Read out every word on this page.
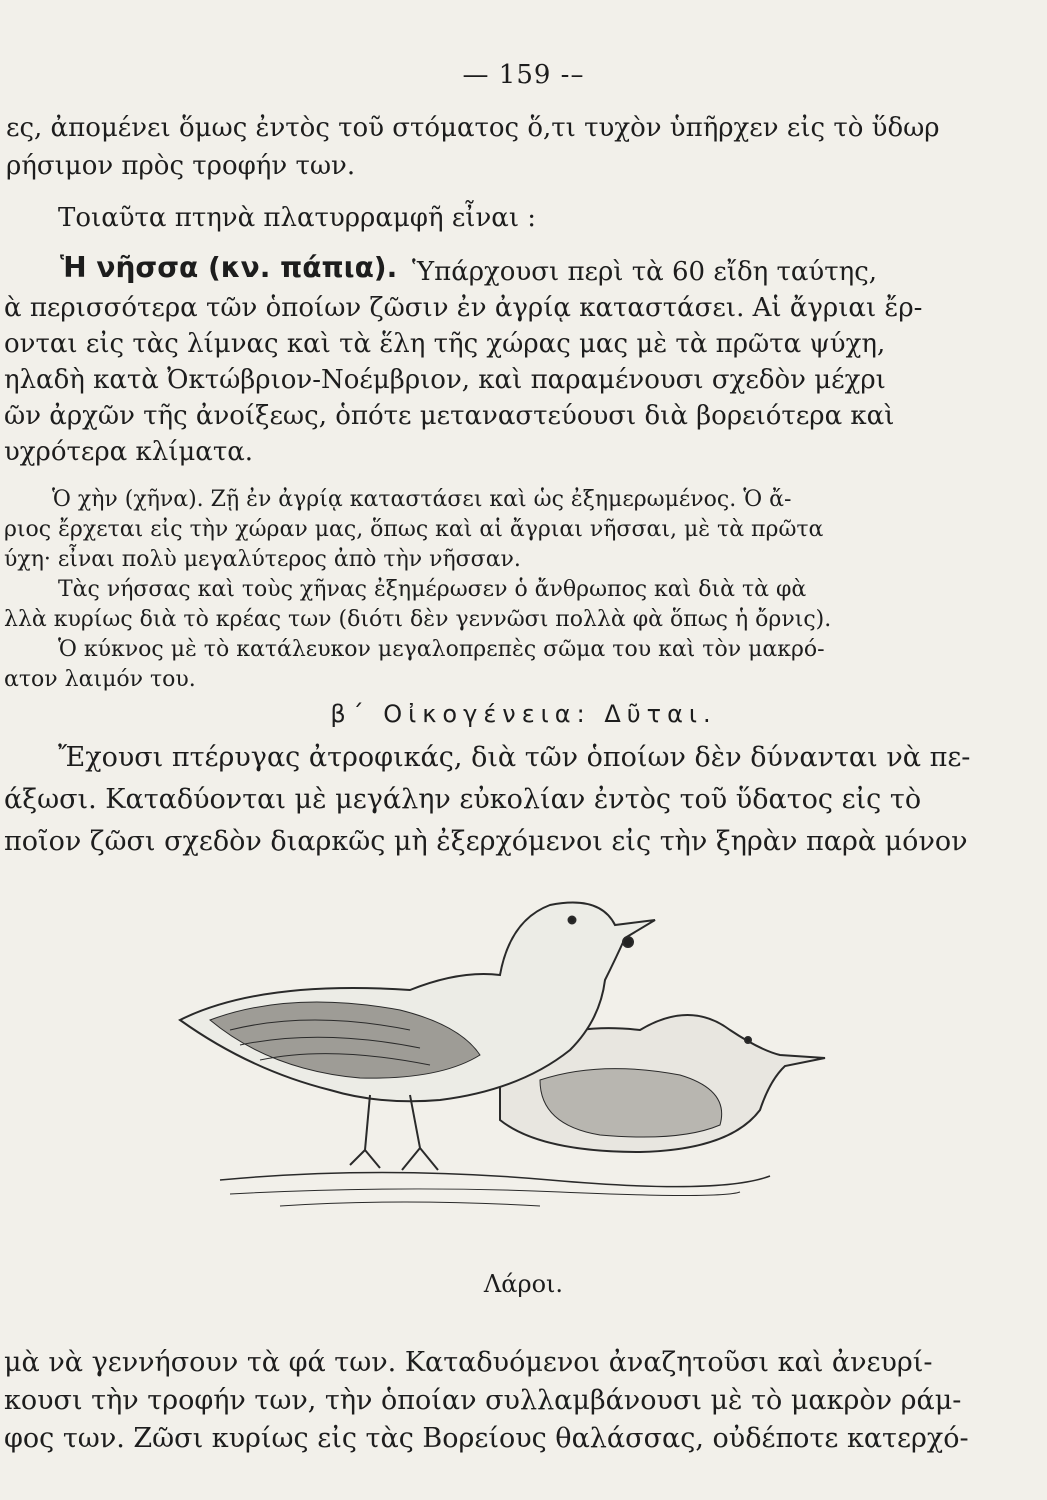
— 159 -–
ες, ἀπομένει ὅμως ἐντὸς τοῦ στόματος ὅ,τι τυχὸν ὑπῆρχεν εἰς τὸ ὕδωρ
ρήσιμον πρὸς τροφήν των.
Τοιαῦτα πτηνὰ πλατυρραμφῆ εἶναι :
Ἡ νῆσσα (κν. πάπια). Ὑπάρχουσι περὶ τὰ 60 εἴδη ταύτης,
ὰ περισσότερα τῶν ὁποίων ζῶσιν ἐν ἀγρίᾳ καταστάσει. Αἱ ἄγριαι ἔρ-
ονται εἰς τὰς λίμνας καὶ τὰ ἕλη τῆς χώρας μας μὲ τὰ πρῶτα ψύχη,
ηλαδὴ κατὰ Ὀκτώβριον-Νοέμβριον, καὶ παραμένουσι σχεδὸν μέχρι
ῶν ἀρχῶν τῆς ἀνοίξεως, ὁπότε μεταναστεύουσι διὰ βορειότερα καὶ
υχρότερα κλίματα.
Ὁ χὴν (χῆνα). Ζῇ ἐν ἀγρίᾳ καταστάσει καὶ ὡς ἐξημερωμένος. Ὁ ἄ-
ριος ἔρχεται εἰς τὴν χώραν μας, ὅπως καὶ αἱ ἄγριαι νῆσσαι, μὲ τὰ πρῶτα
ύχη· εἶναι πολὺ μεγαλύτερος ἀπὸ τὴν νῆσσαν.
Τὰς νήσσας καὶ τοὺς χῆνας ἐξημέρωσεν ὁ ἄνθρωπος καὶ διὰ τὰ φὰ
λλὰ κυρίως διὰ τὸ κρέας των (διότι δὲν γεννῶσι πολλὰ φὰ ὅπως ἡ ὄρνις).
Ὁ κύκνος μὲ τὸ κατάλευκον μεγαλοπρεπὲς σῶμα του καὶ τὸν μακρό-
ατον λαιμόν του.
β΄ Οἰκογένεια: Δῦται.
Ἔχουσι πτέρυγας ἀτροφικάς, διὰ τῶν ὁποίων δὲν δύνανται νὰ πε-
άξωσι. Καταδύονται μὲ μεγάλην εὐκολίαν ἐντὸς τοῦ ὕδατος εἰς τὸ
ποῖον ζῶσι σχεδὸν διαρκῶς μὴ ἐξερχόμενοι εἰς τὴν ξηρὰν παρὰ μόνον
Λάροι.
μὰ νὰ γεννήσουν τὰ φά των. Καταδυόμενοι ἀναζητοῦσι καὶ ἀνευρί-
κουσι τὴν τροφήν των, τὴν ὁποίαν συλλαμβάνουσι μὲ τὸ μακρὸν ράμ-
φος των. Ζῶσι κυρίως εἰς τὰς Βορείους θαλάσσας, οὐδέποτε κατερχό-
